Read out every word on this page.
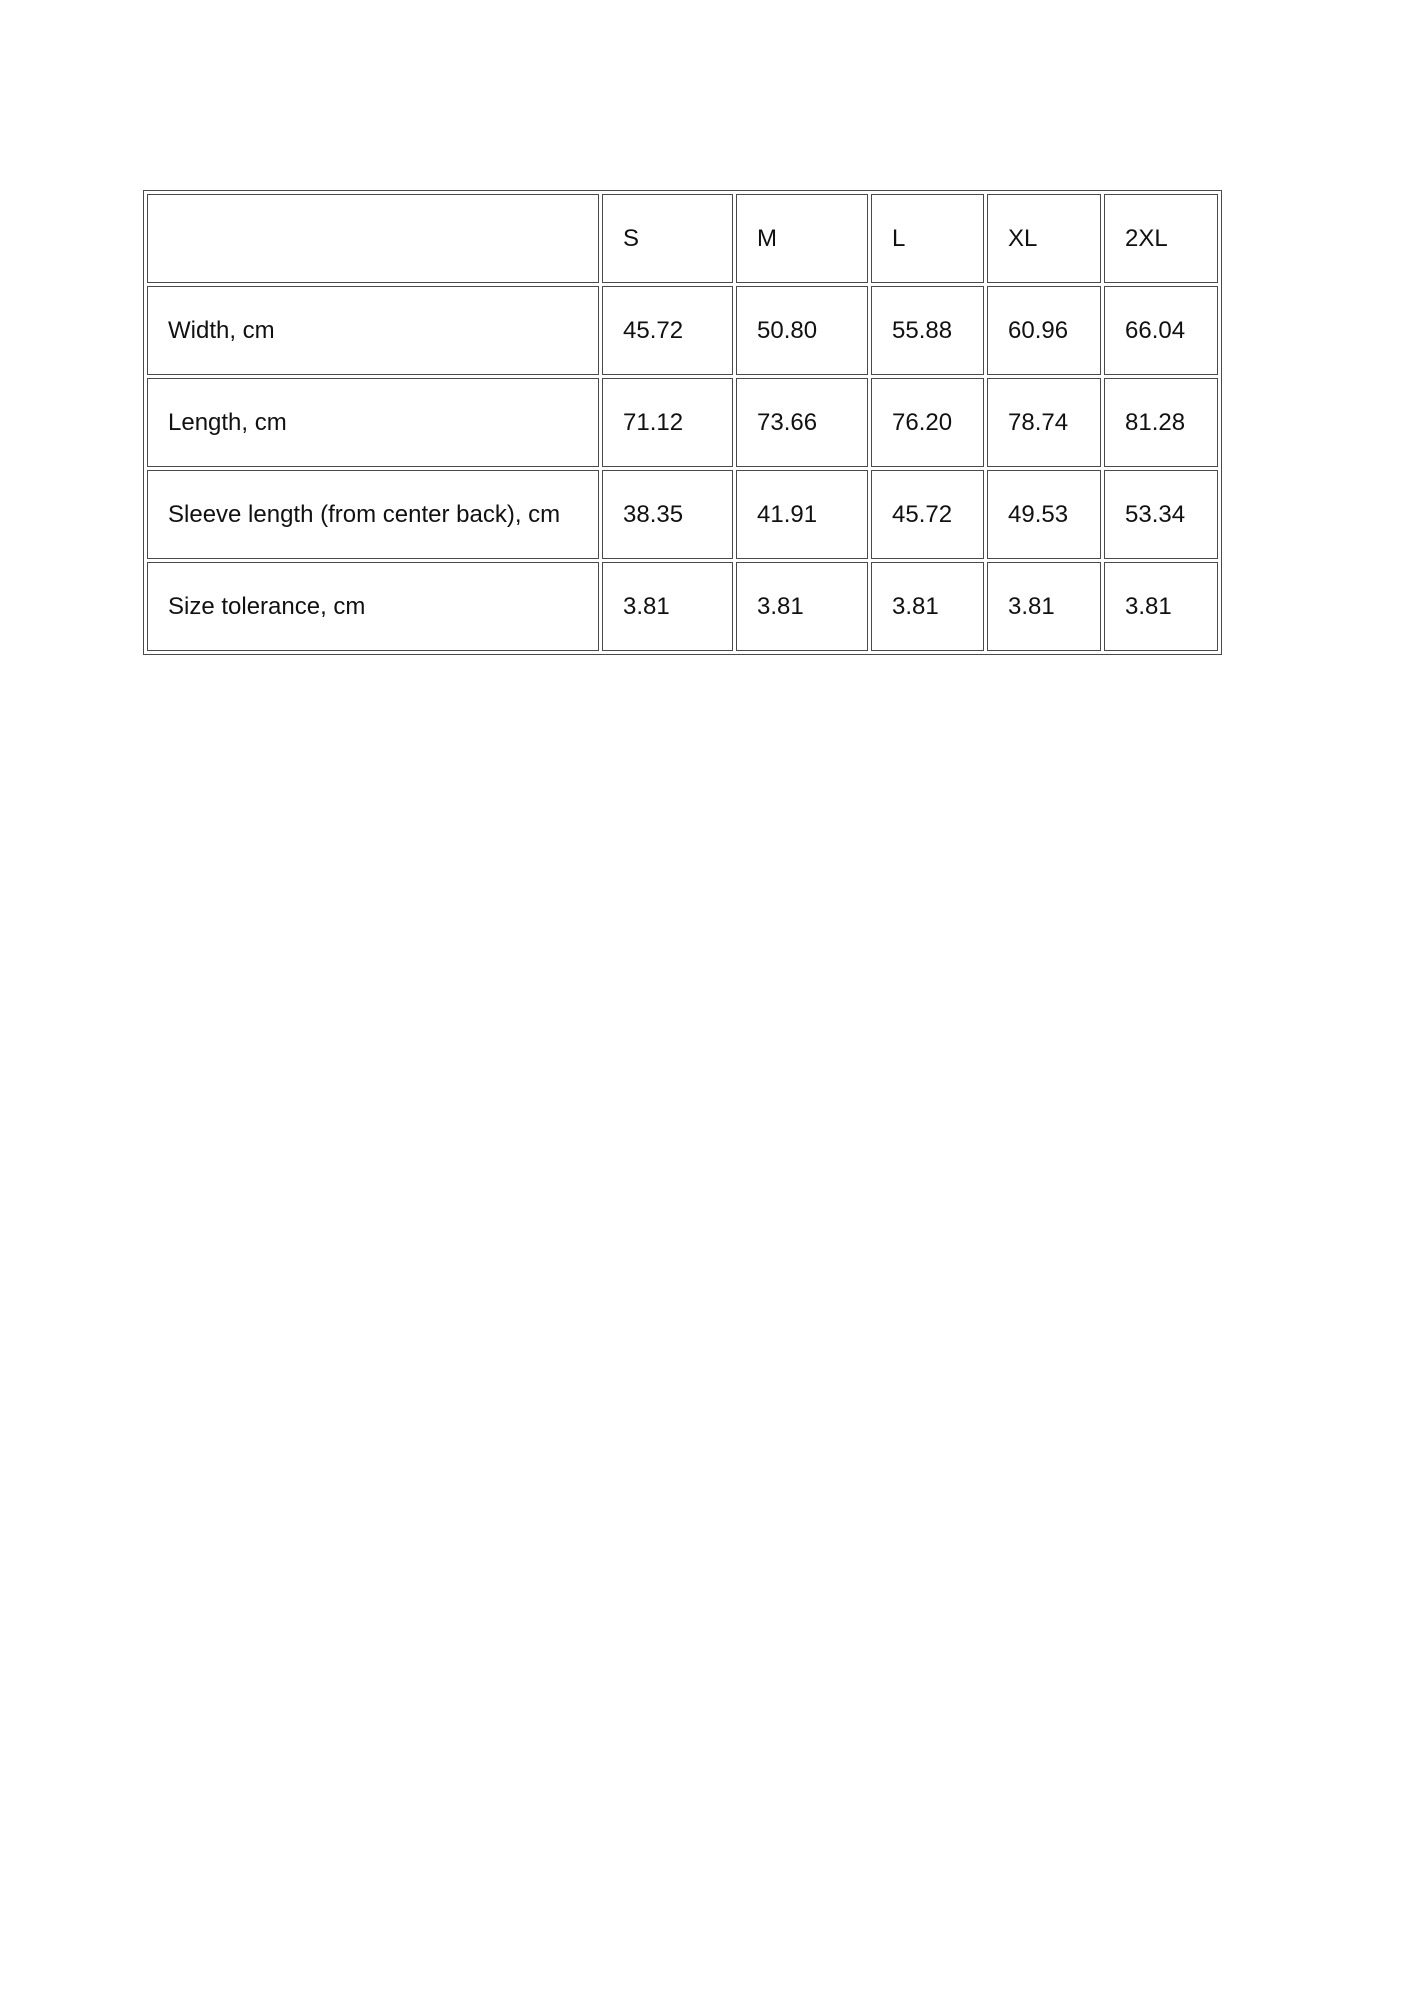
	S	M	L	XL	2XL
Width, cm	45.72	50.80	55.88	60.96	66.04
Length, cm	71.12	73.66	76.20	78.74	81.28
Sleeve length (from center back), cm	38.35	41.91	45.72	49.53	53.34
Size tolerance, cm	3.81	3.81	3.81	3.81	3.81
